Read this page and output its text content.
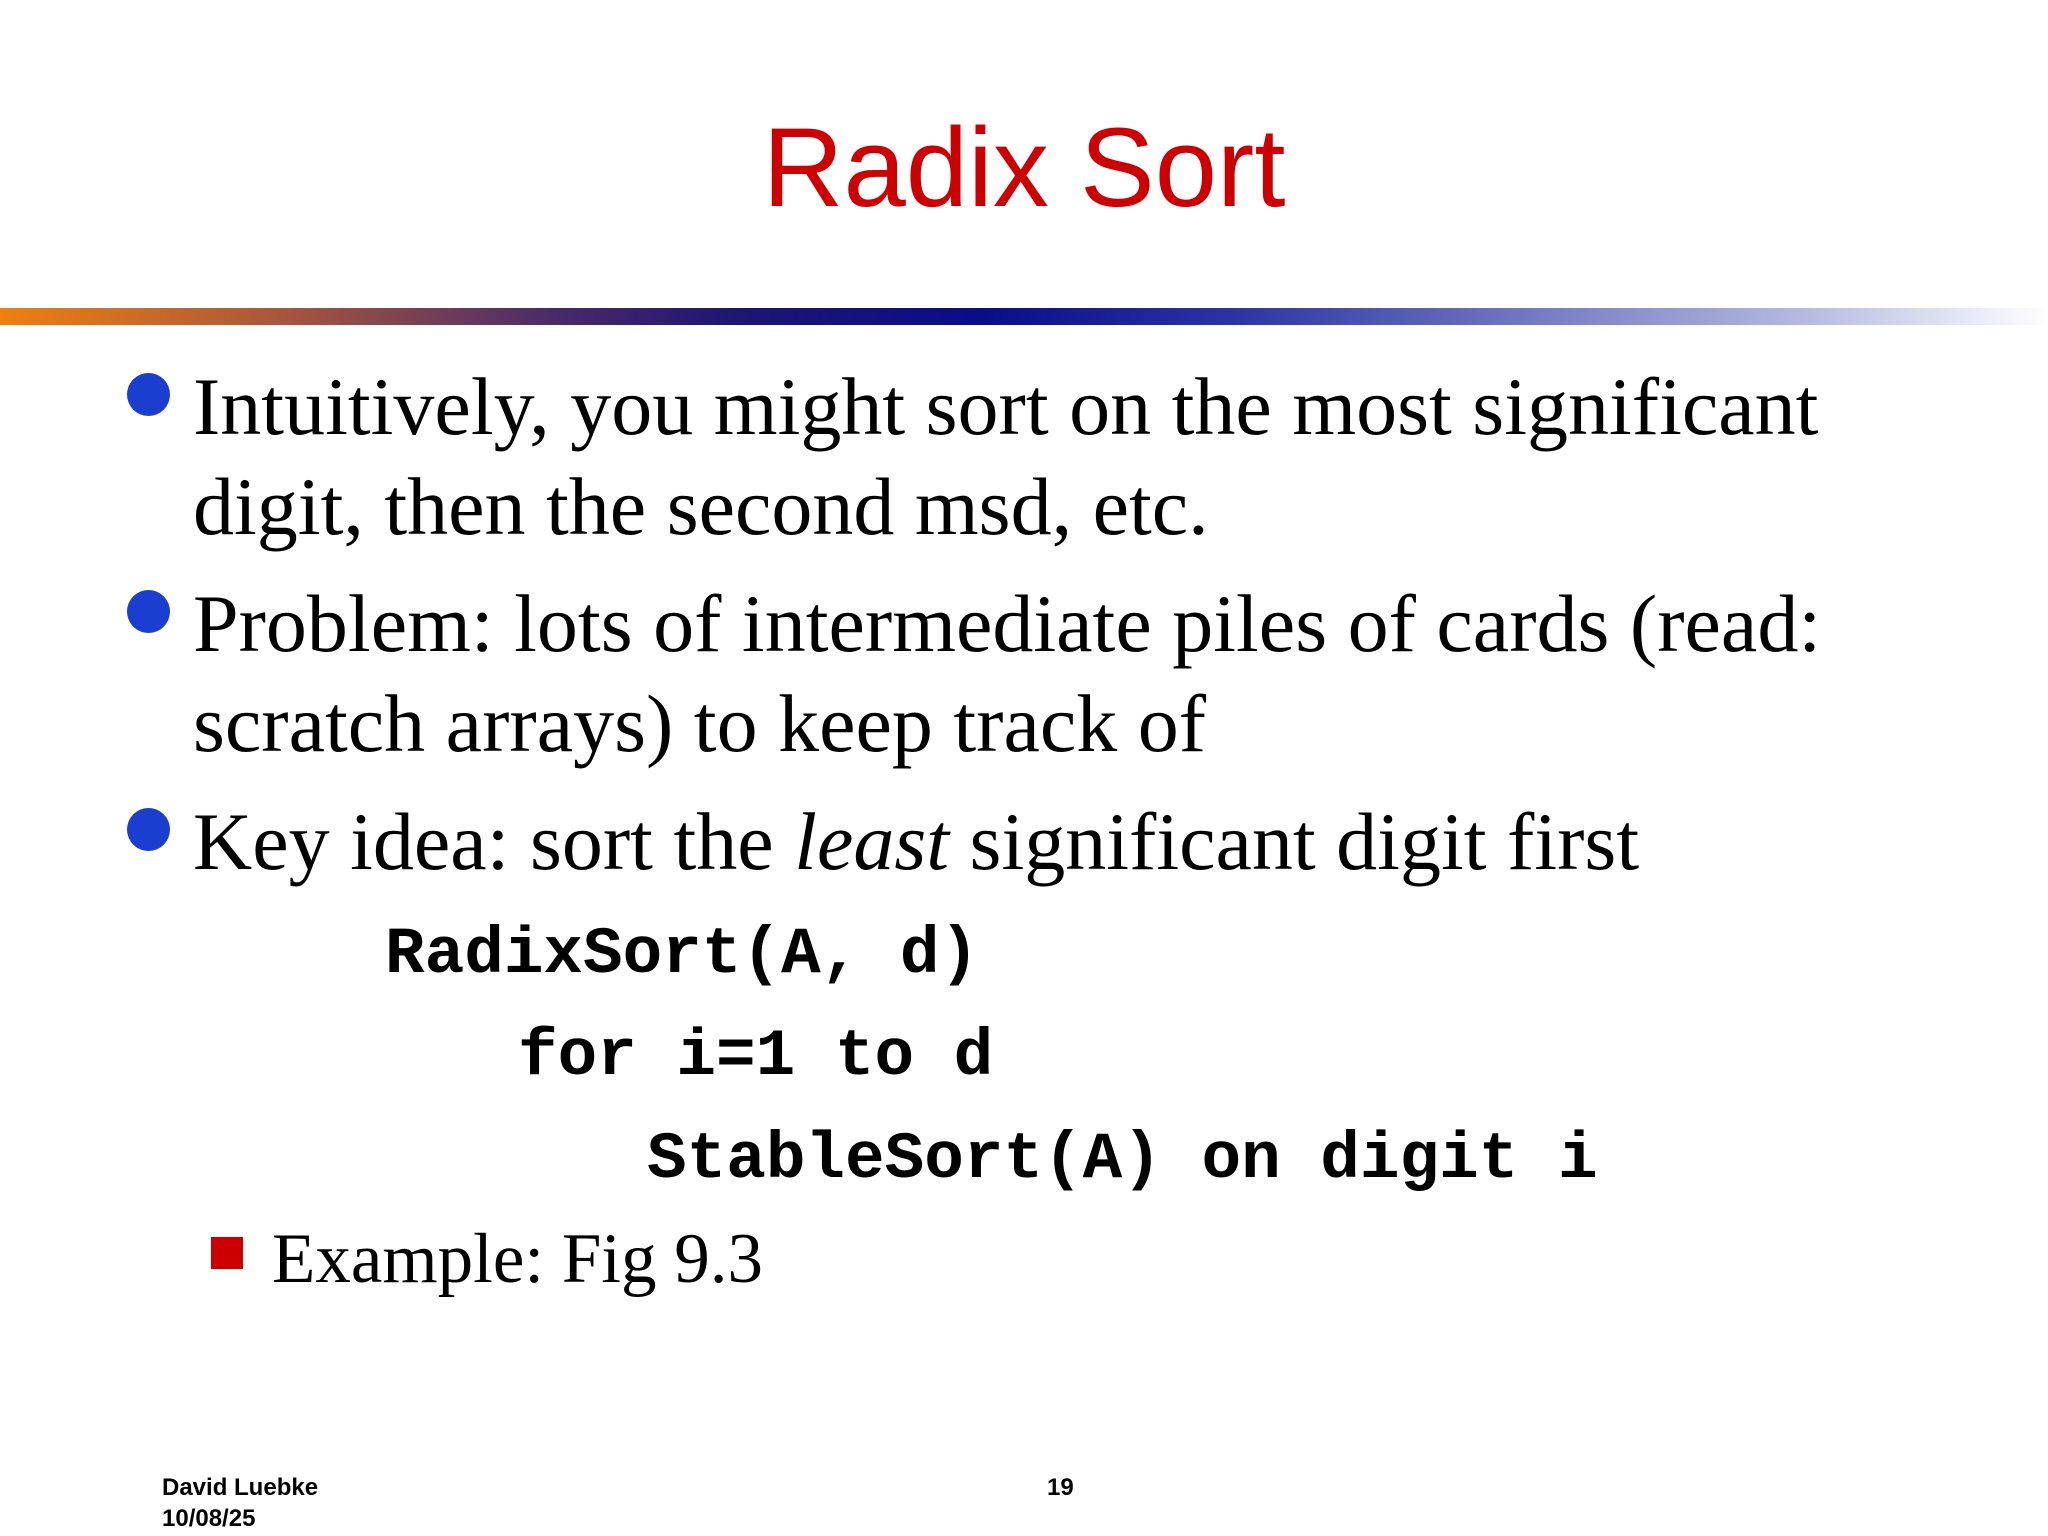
Radix Sort
Intuitively, you might sort on the most significant
digit, then the second msd, etc.
Problem: lots of intermediate piles of cards (read:
scratch arrays) to keep track of
Key idea: sort the least significant digit first
RadixSort(A, d)
for i=1 to d
StableSort(A) on digit i
Example: Fig 9.3
David Luebke
10/08/25
19
